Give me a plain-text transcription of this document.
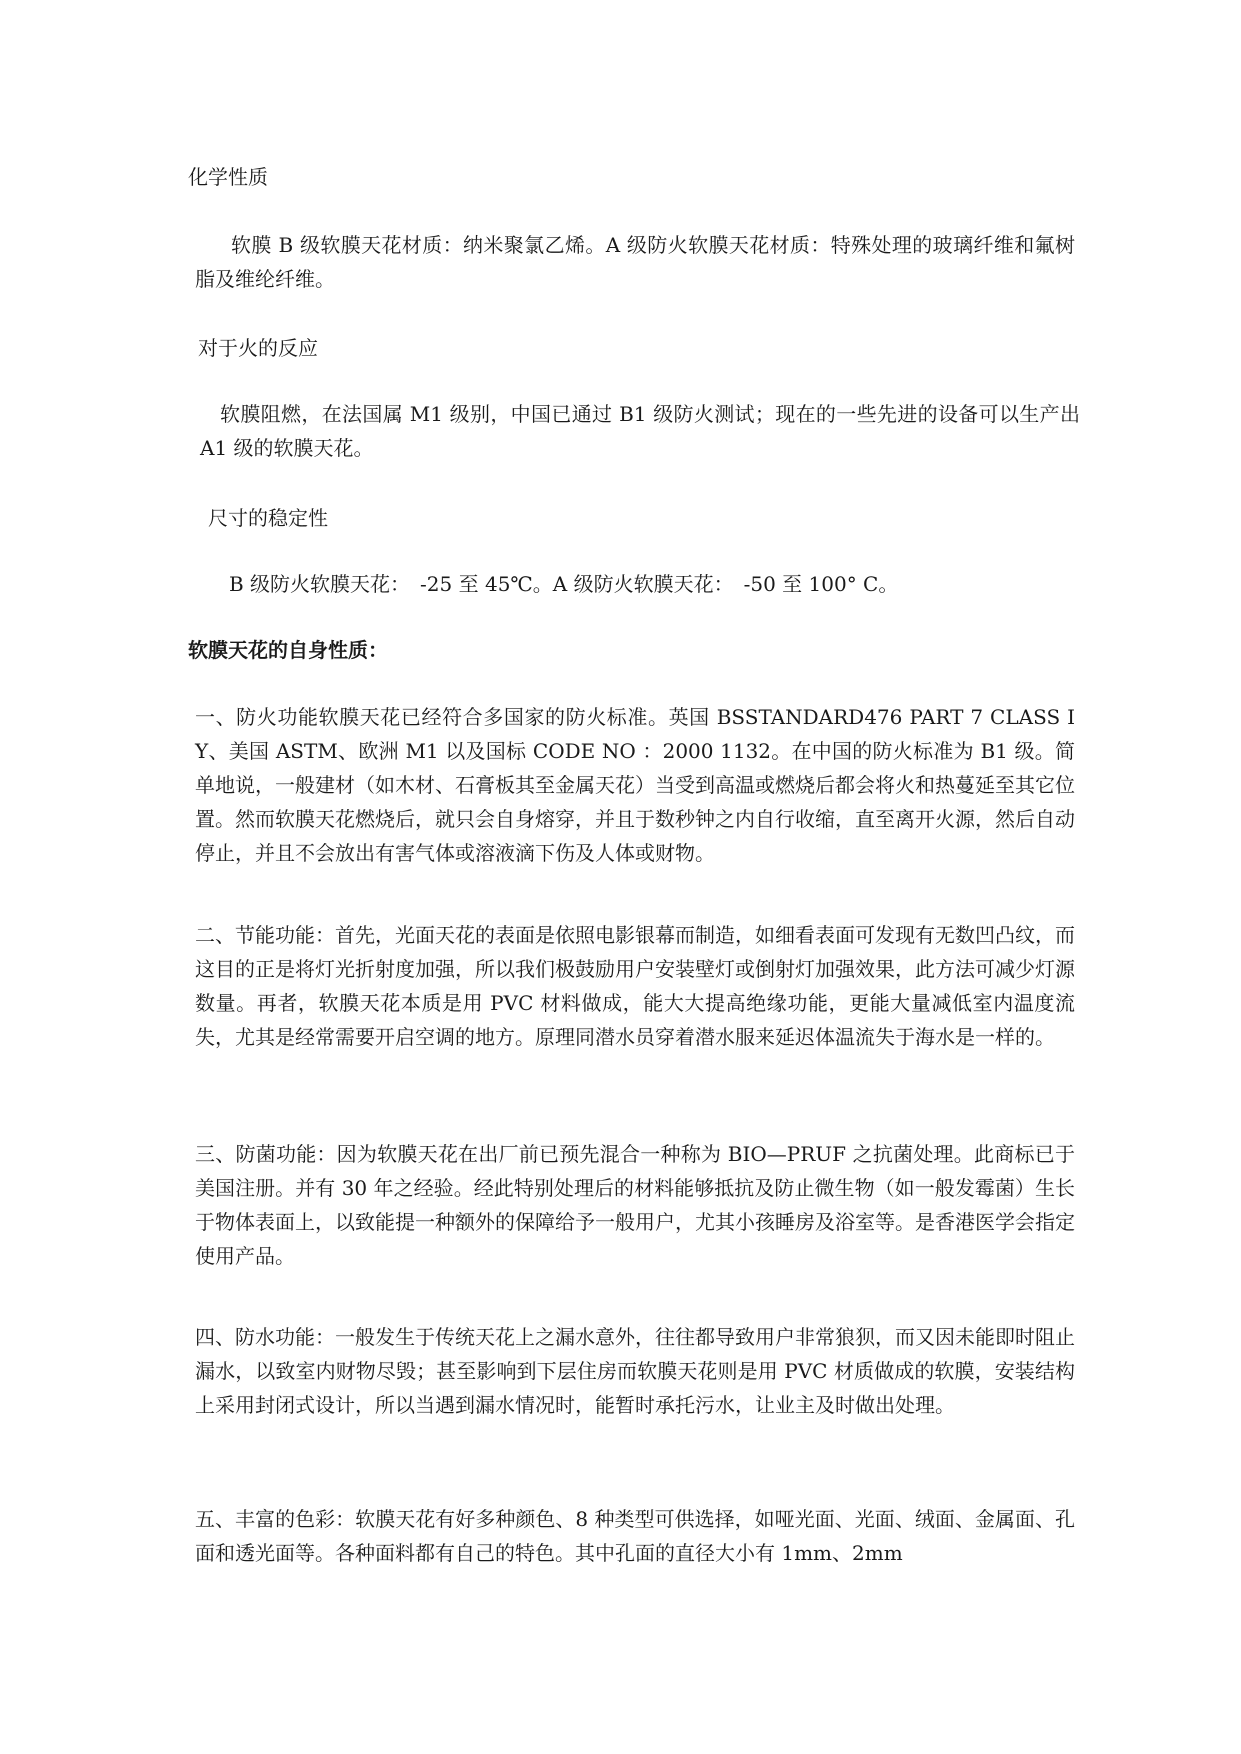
化学性质
软膜 B 级软膜天花材质：纳米聚氯乙烯。A 级防火软膜天花材质：特殊处理的玻璃纤维和氟树脂及维纶纤维。
对于火的反应
软膜阻燃，在法国属 M1 级别，中国已通过 B1 级防火测试；现在的一些先进的设备可以生产出 A1 级的软膜天花。
尺寸的稳定性
B 级防火软膜天花：　-25 至 45℃。A 级防火软膜天花：　-50 至 100° C。
软膜天花的自身性质：
一、防火功能软膜天花已经符合多国家的防火标准。英国 BSSTANDARD476 PART 7 CLASS IY、美国 ASTM、欧洲 M1 以及国标 CODE NO ：2000 1132。在中国的防火标准为 B1 级。简单地说，一般建材（如木材、石膏板其至金属天花）当受到高温或燃烧后都会将火和热蔓延至其它位置。然而软膜天花燃烧后，就只会自身熔穿，并且于数秒钟之内自行收缩，直至离开火源，然后自动停止，并且不会放出有害气体或溶液滴下伤及人体或财物。
二、节能功能：首先，光面天花的表面是依照电影银幕而制造，如细看表面可发现有无数凹凸纹，而这目的正是将灯光折射度加强，所以我们极鼓励用户安装壁灯或倒射灯加强效果，此方法可减少灯源数量。再者，软膜天花本质是用 PVC 材料做成，能大大提高绝缘功能，更能大量减低室内温度流失，尤其是经常需要开启空调的地方。原理同潜水员穿着潜水服来延迟体温流失于海水是一样的。
三、防菌功能：因为软膜天花在出厂前已预先混合一种称为 BIO—PRUF 之抗菌处理。此商标已于美国注册。并有 30 年之经验。经此特别处理后的材料能够抵抗及防止微生物（如一般发霉菌）生长于物体表面上，以致能提一种额外的保障给予一般用户，尤其小孩睡房及浴室等。是香港医学会指定使用产品。
四、防水功能：一般发生于传统天花上之漏水意外，往往都导致用户非常狼狈，而又因未能即时阻止漏水，以致室内财物尽毁；甚至影响到下层住房而软膜天花则是用 PVC 材质做成的软膜，安装结构上采用封闭式设计，所以当遇到漏水情况时，能暂时承托污水，让业主及时做出处理。
五、丰富的色彩：软膜天花有好多种颜色、8 种类型可供选择，如哑光面、光面、绒面、金属面、孔面和透光面等。各种面料都有自己的特色。其中孔面的直径大小有 1mm、2mm
